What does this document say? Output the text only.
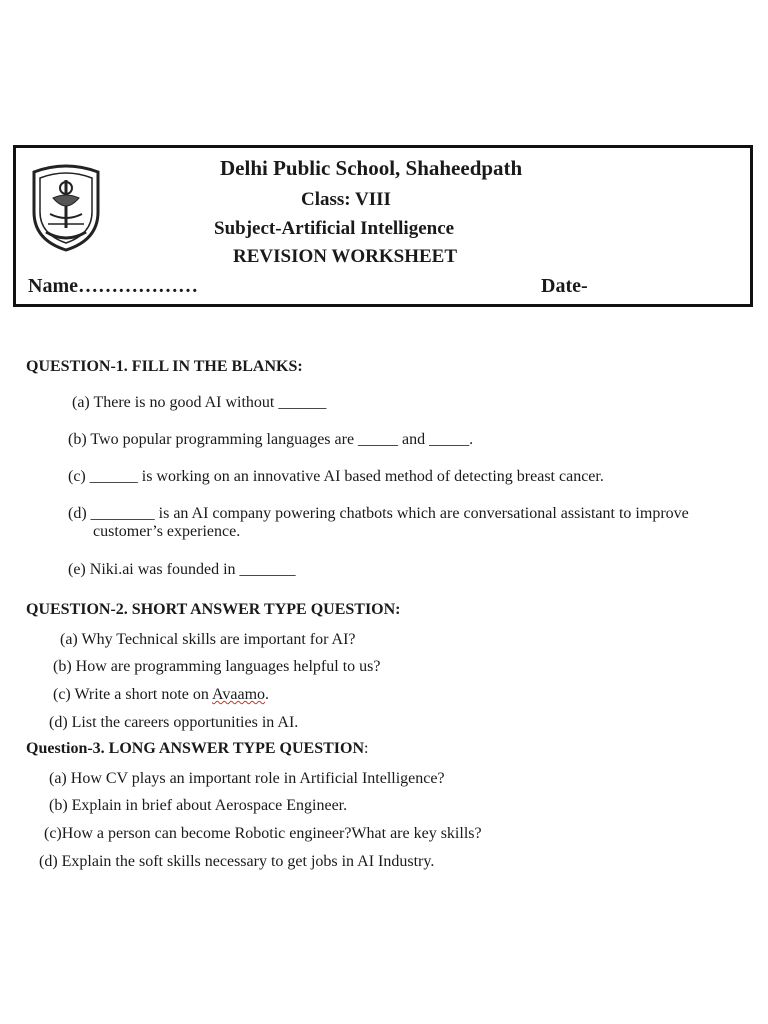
Delhi Public School, Shaheedpath
Class: VIII
Subject-Artificial Intelligence
REVISION WORKSHEET
Name………………	Date-
QUESTION-1. FILL IN THE BLANKS:
(a) There is no good AI without ______
(b) Two popular programming languages are _____ and _____.
(c) ______ is working on an innovative AI based method of detecting breast cancer.
(d) ________ is an AI company powering chatbots which are conversational assistant to improve
customer’s experience.
(e) Niki.ai was founded in _______
QUESTION-2. SHORT ANSWER TYPE QUESTION:
(a) Why Technical skills are important for AI?
(b) How are programming languages helpful to us?
(c) Write a short note on Avaamo.
(d) List the careers opportunities in AI.
Question-3. LONG ANSWER TYPE QUESTION:
(a) How CV plays an important role in Artificial Intelligence?
(b) Explain in brief about Aerospace Engineer.
(c)How a person can become Robotic engineer?What are key skills?
(d) Explain the soft skills necessary to get jobs in AI Industry.
